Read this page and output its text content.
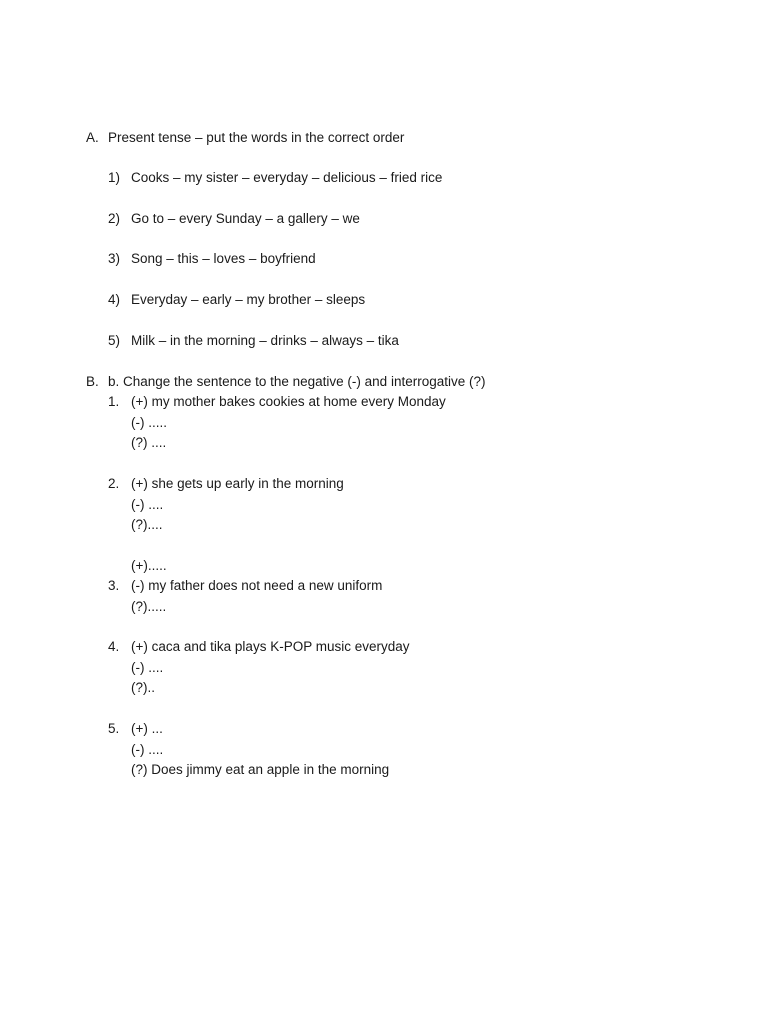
A. Present tense – put the words in the correct order
1) Cooks – my sister – everyday – delicious – fried rice
2) Go to – every Sunday – a gallery – we
3) Song – this – loves – boyfriend
4) Everyday – early – my brother – sleeps
5) Milk – in the morning – drinks – always – tika
B. b. Change the sentence to the negative (-) and interrogative (?)
1. (+) my mother bakes cookies at home every Monday
(-) .....
(?) ....
2. (+) she gets up early in the morning
(-) ....
(?)....
(+).....
3. (-) my father does not need a new uniform
(?).....
4. (+) caca and tika plays K-POP music everyday
(-) ....
(?)..
5. (+) ...
(-) ....
(?) Does jimmy eat an apple in the morning
